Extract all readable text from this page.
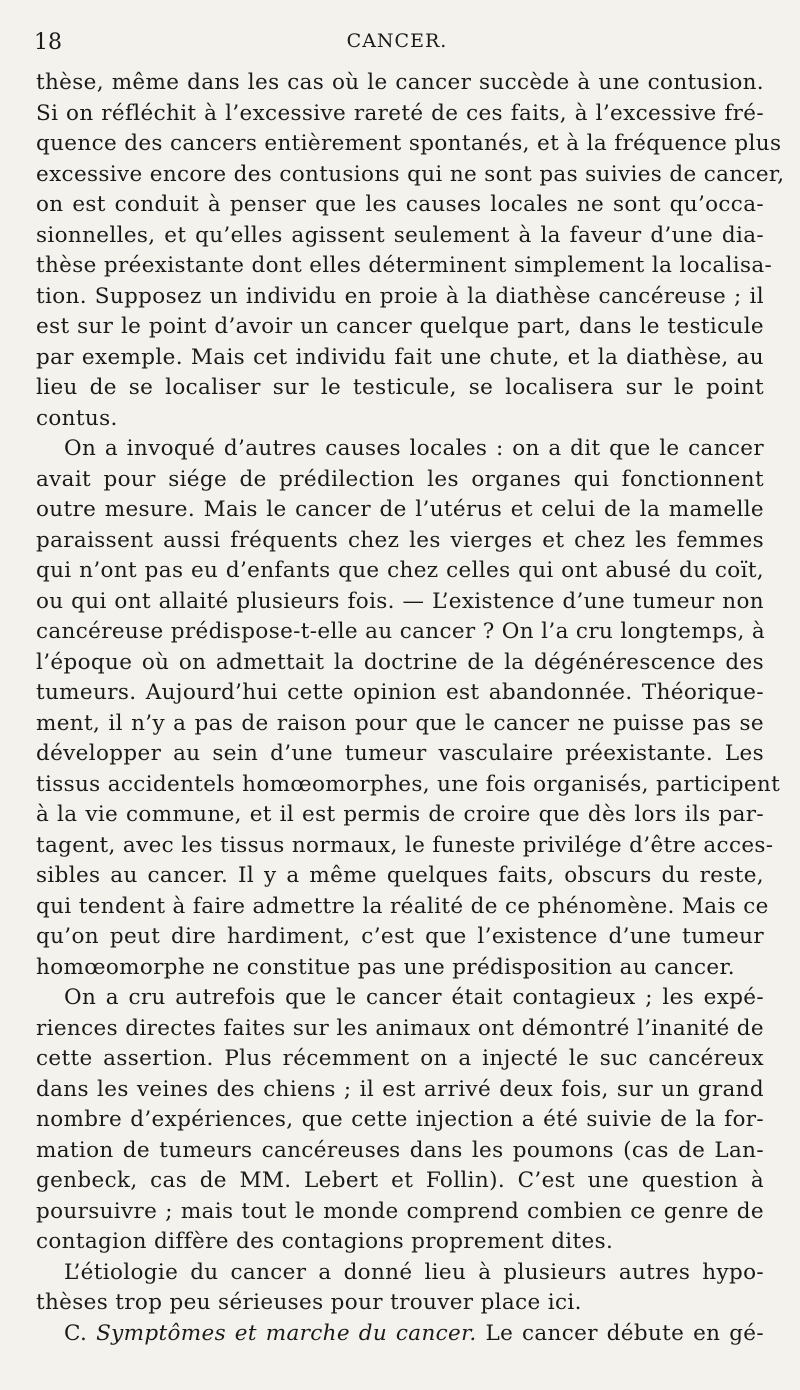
18	CANCER.
thèse, même dans les cas où le cancer succède à une contusion.
Si on réfléchit à l’excessive rareté de ces faits, à l’excessive fré-
quence des cancers entièrement spontanés, et à la fréquence plus
excessive encore des contusions qui ne sont pas suivies de cancer,
on est conduit à penser que les causes locales ne sont qu’occa-
sionnelles, et qu’elles agissent seulement à la faveur d’une dia-
thèse préexistante dont elles déterminent simplement la localisa-
tion. Supposez un individu en proie à la diathèse cancéreuse ; il
est sur le point d’avoir un cancer quelque part, dans le testicule
par exemple. Mais cet individu fait une chute, et la diathèse, au
lieu de se localiser sur le testicule, se localisera sur le point
contus.
On a invoqué d’autres causes locales : on a dit que le cancer
avait pour siége de prédilection les organes qui fonctionnent
outre mesure. Mais le cancer de l’utérus et celui de la mamelle
paraissent aussi fréquents chez les vierges et chez les femmes
qui n’ont pas eu d’enfants que chez celles qui ont abusé du coït,
ou qui ont allaité plusieurs fois. — L’existence d’une tumeur non
cancéreuse prédispose-t-elle au cancer ? On l’a cru longtemps, à
l’époque où on admettait la doctrine de la dégénérescence des
tumeurs. Aujourd’hui cette opinion est abandonnée. Théorique-
ment, il n’y a pas de raison pour que le cancer ne puisse pas se
développer au sein d’une tumeur vasculaire préexistante. Les
tissus accidentels homœomorphes, une fois organisés, participent
à la vie commune, et il est permis de croire que dès lors ils par-
tagent, avec les tissus normaux, le funeste privilége d’être acces-
sibles au cancer. Il y a même quelques faits, obscurs du reste,
qui tendent à faire admettre la réalité de ce phénomène. Mais ce
qu’on peut dire hardiment, c’est que l’existence d’une tumeur
homœomorphe ne constitue pas une prédisposition au cancer.
On a cru autrefois que le cancer était contagieux ; les expé-
riences directes faites sur les animaux ont démontré l’inanité de
cette assertion. Plus récemment on a injecté le suc cancéreux
dans les veines des chiens ; il est arrivé deux fois, sur un grand
nombre d’expériences, que cette injection a été suivie de la for-
mation de tumeurs cancéreuses dans les poumons (cas de Lan-
genbeck, cas de MM. Lebert et Follin). C’est une question à
poursuivre ; mais tout le monde comprend combien ce genre de
contagion diffère des contagions proprement dites.
L’étiologie du cancer a donné lieu à plusieurs autres hypo-
thèses trop peu sérieuses pour trouver place ici.
C. Symptômes et marche du cancer. Le cancer débute en gé-
